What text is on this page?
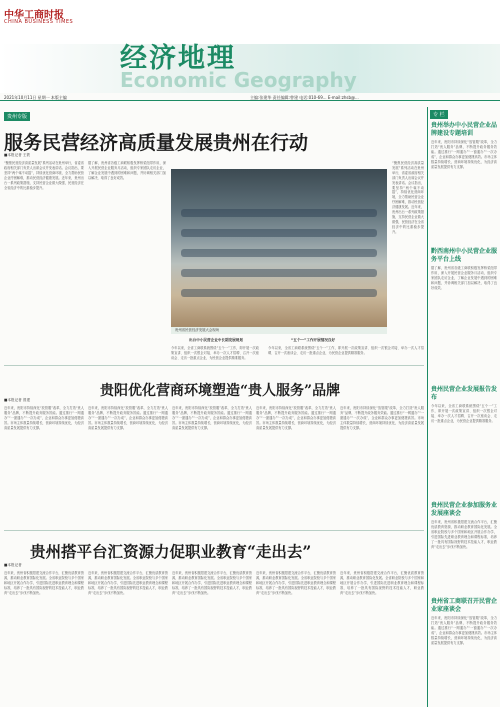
中华工商时报
CHINA BUSINESS TIMES
Economic Geography
经济地理
2021年10月11日 星期一 本版主编	主编:张建华 责任编辑:曾建 电话:010-69... E-mail:zhsb@...
贵州专版	专 栏
服务民营经济高质量发展贵州在行动
■本报记者 王铁
“聚焦民营经济高质量发展”系列活动在贵州举行，省委省政府相关部门负责人出席会议并发表讲话。会议指出，要坚持“两个毫不动摇”，持续优化营商环境，全力帮助民营企业纾困解难，推动民营经济健康发展。近年来，贵州出台一系列政策措施，支持民营企业做大做强，民营经济在全省经济中的比重稳步提升。
据了解，贵州省各级工商联积极发挥桥梁纽带作用，深入开展民营企业服务月活动，组织专家团队走访企业，了解企业发展中遇到的困难和问题，并协调相关部门加以解决，取得了良好成效。
贵州省民营经济发展大会现场
出台中小民营企业中长期发展规划
今年以来，全省工商联系统围绕“五个一”工作，即开展一次政策宣讲、组织一次银企对接、举办一次人才招聘、召开一次座谈会、走访一批重点企业，为民营企业提供精准服务。
“五个一”工作开展情况良好
今年以来，全省工商联系统围绕“五个一”工作，即开展一次政策宣讲、组织一次银企对接、举办一次人才招聘、召开一次座谈会、走访一批重点企业，为民营企业提供精准服务。
“聚焦民营经济高质量发展”系列活动在贵州举行，省委省政府相关部门负责人出席会议并发表讲话。会议指出，要坚持“两个毫不动摇”，持续优化营商环境，全力帮助民营企业纾困解难，推动民营经济健康发展。近年来，贵州出台一系列政策措施，支持民营企业做大做强，民营经济在全省经济中的比重稳步提升。
贵阳优化营商环境塑造“贵人服务”品牌
■本报记者 曾建
近年来，贵阳市持续深化“放管服”改革，全力打造“贵人服务”品牌，不断提升政务服务效能。通过推行“一网通办”“一窗通办”“一次办成”，企业和群众办事更加便捷高效。市场主体数量持续增长，营商环境持续优化，为经济高质量发展提供有力支撑。
近年来，贵阳市持续深化“放管服”改革，全力打造“贵人服务”品牌，不断提升政务服务效能。通过推行“一网通办”“一窗通办”“一次办成”，企业和群众办事更加便捷高效。市场主体数量持续增长，营商环境持续优化，为经济高质量发展提供有力支撑。
近年来，贵阳市持续深化“放管服”改革，全力打造“贵人服务”品牌，不断提升政务服务效能。通过推行“一网通办”“一窗通办”“一次办成”，企业和群众办事更加便捷高效。市场主体数量持续增长，营商环境持续优化，为经济高质量发展提供有力支撑。
近年来，贵阳市持续深化“放管服”改革，全力打造“贵人服务”品牌，不断提升政务服务效能。通过推行“一网通办”“一窗通办”“一次办成”，企业和群众办事更加便捷高效。市场主体数量持续增长，营商环境持续优化，为经济高质量发展提供有力支撑。
近年来，贵阳市持续深化“放管服”改革，全力打造“贵人服务”品牌，不断提升政务服务效能。通过推行“一网通办”“一窗通办”“一次办成”，企业和群众办事更加便捷高效。市场主体数量持续增长，营商环境持续优化，为经济高质量发展提供有力支撑。
贵州搭平台汇资源力促职业教育“走出去”
■本报记者
近年来，贵州省积极搭建交流合作平台，汇聚优质教育资源，推动职业教育国际化发展。全省职业院校与多个国家和地区开展合作办学，引进国际先进职业教育理念和课程标准，培养了一批具有国际视野的技术技能人才，职业教育“走出去”步伐不断加快。
近年来，贵州省积极搭建交流合作平台，汇聚优质教育资源，推动职业教育国际化发展。全省职业院校与多个国家和地区开展合作办学，引进国际先进职业教育理念和课程标准，培养了一批具有国际视野的技术技能人才，职业教育“走出去”步伐不断加快。
近年来，贵州省积极搭建交流合作平台，汇聚优质教育资源，推动职业教育国际化发展。全省职业院校与多个国家和地区开展合作办学，引进国际先进职业教育理念和课程标准，培养了一批具有国际视野的技术技能人才，职业教育“走出去”步伐不断加快。
近年来，贵州省积极搭建交流合作平台，汇聚优质教育资源，推动职业教育国际化发展。全省职业院校与多个国家和地区开展合作办学，引进国际先进职业教育理念和课程标准，培养了一批具有国际视野的技术技能人才，职业教育“走出去”步伐不断加快。
近年来，贵州省积极搭建交流合作平台，汇聚优质教育资源，推动职业教育国际化发展。全省职业院校与多个国家和地区开展合作办学，引进国际先进职业教育理念和课程标准，培养了一批具有国际视野的技术技能人才，职业教育“走出去”步伐不断加快。
贵州举办中小民营企业品牌建设专题培训
近年来，贵阳市持续深化“放管服”改革，全力打造“贵人服务”品牌，不断提升政务服务效能。通过推行“一网通办”“一窗通办”“一次办成”，企业和群众办事更加便捷高效。市场主体数量持续增长，营商环境持续优化，为经济高质量发展提供有力支撑。
黔西南州中小民营企业服务平台上线
据了解，贵州省各级工商联积极发挥桥梁纽带作用，深入开展民营企业服务月活动，组织专家团队走访企业，了解企业发展中遇到的困难和问题，并协调相关部门加以解决，取得了良好成效。
贵州民营企业发展报告发布
今年以来，全省工商联系统围绕“五个一”工作，即开展一次政策宣讲、组织一次银企对接、举办一次人才招聘、召开一次座谈会、走访一批重点企业，为民营企业提供精准服务。
贵州民营企业参加服务业发展座谈会
近年来，贵州省积极搭建交流合作平台，汇聚优质教育资源，推动职业教育国际化发展。全省职业院校与多个国家和地区开展合作办学，引进国际先进职业教育理念和课程标准，培养了一批具有国际视野的技术技能人才，职业教育“走出去”步伐不断加快。
贵州省工商联召开民营企业家座谈会
近年来，贵阳市持续深化“放管服”改革，全力打造“贵人服务”品牌，不断提升政务服务效能。通过推行“一网通办”“一窗通办”“一次办成”，企业和群众办事更加便捷高效。市场主体数量持续增长，营商环境持续优化，为经济高质量发展提供有力支撑。
